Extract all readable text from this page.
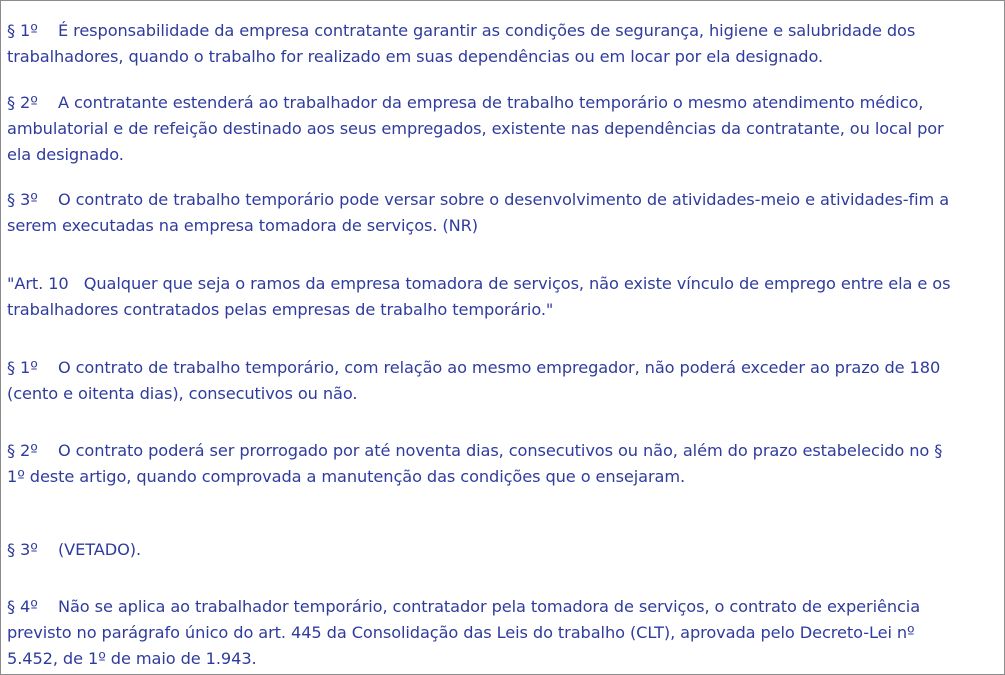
§ 1º    É responsabilidade da empresa contratante garantir as condições de segurança, higiene e salubridade dos
trabalhadores, quando o trabalho for realizado em suas dependências ou em locar por ela designado.
§ 2º    A contratante estenderá ao trabalhador da empresa de trabalho temporário o mesmo atendimento médico,
ambulatorial e de refeição destinado aos seus empregados, existente nas dependências da contratante, ou local por
ela designado.
§ 3º    O contrato de trabalho temporário pode versar sobre o desenvolvimento de atividades-meio e atividades-fim a
serem executadas na empresa tomadora de serviços. (NR)
"Art. 10   Qualquer que seja o ramos da empresa tomadora de serviços, não existe vínculo de emprego entre ela e os
trabalhadores contratados pelas empresas de trabalho temporário."
§ 1º    O contrato de trabalho temporário, com relação ao mesmo empregador, não poderá exceder ao prazo de 180
(cento e oitenta dias), consecutivos ou não.
§ 2º    O contrato poderá ser prorrogado por até noventa dias, consecutivos ou não, além do prazo estabelecido no §
1º deste artigo, quando comprovada a manutenção das condições que o ensejaram.
§ 3º    (VETADO).
§ 4º    Não se aplica ao trabalhador temporário, contratador pela tomadora de serviços, o contrato de experiência
previsto no parágrafo único do art. 445 da Consolidação das Leis do trabalho (CLT), aprovada pelo Decreto-Lei nº
5.452, de 1º de maio de 1.943.
